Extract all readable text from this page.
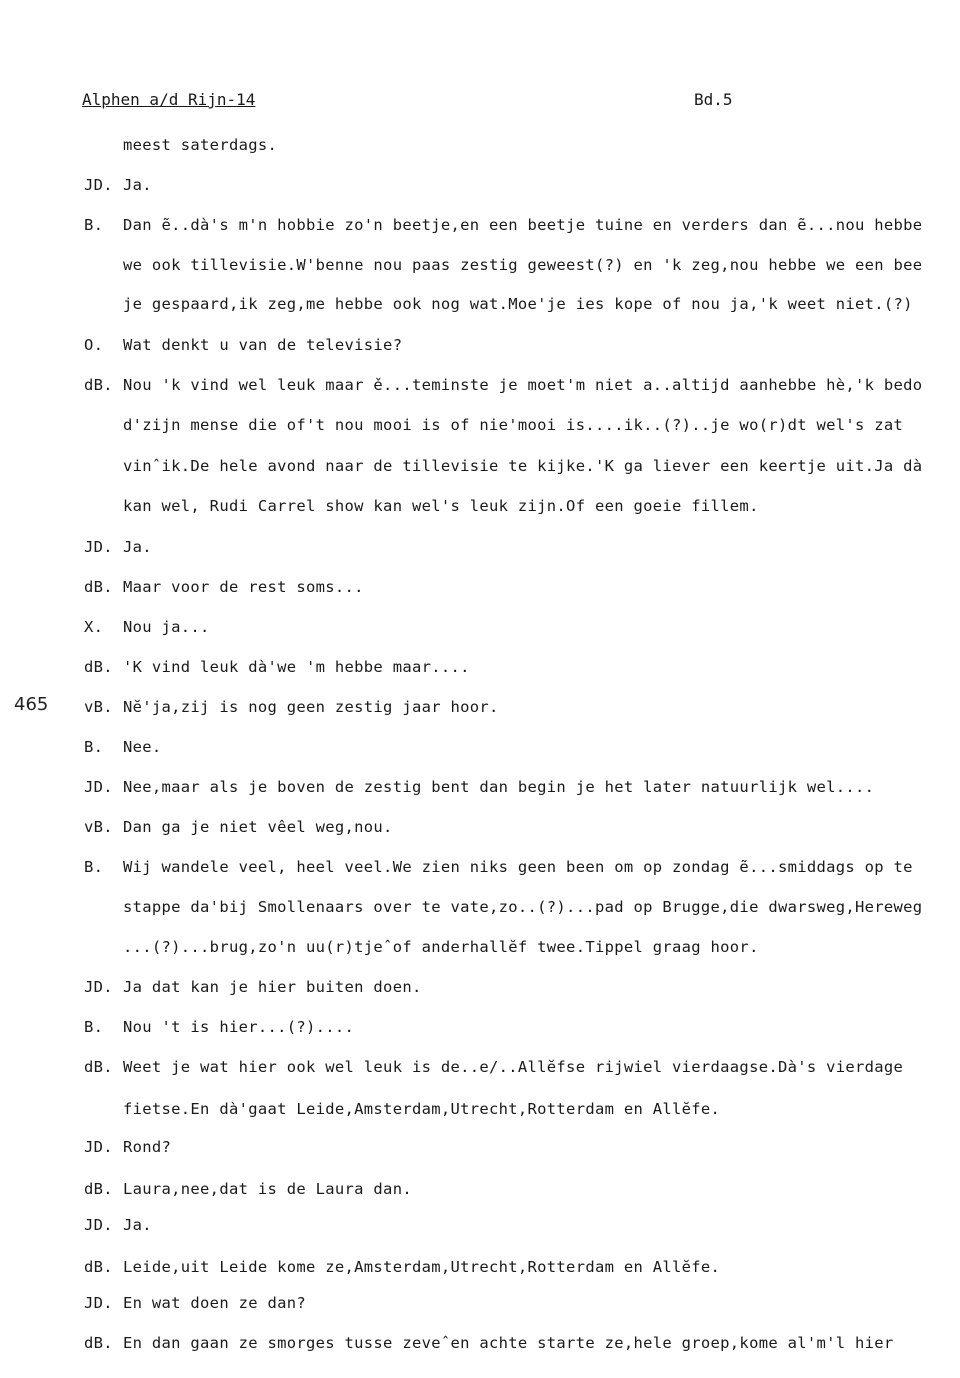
Alphen a/d Rijn-14	Bd.5
465
meest saterdags.
JD. Ja.
B. Dan ẽ..dà's m'n hobbie zo'n beetje,en een beetje tuine en verders dan ẽ...nou hebbe
we ook tillevisie.W'benne nou paas zestig geweest(?) en 'k zeg,nou hebbe we een bee
je gespaard,ik zeg,me hebbe ook nog wat.Moe'je ies kope of nou ja,'k weet niet.(?)
O. Wat denkt u van de televisie?
dB. Nou 'k vind wel leuk maar ě...teminste je moet'm niet a..altijd aanhebbe hè,'k bedo
d'zijn mense die of't nou mooi is of nie'mooi is....ik..(?)..je wo(r)dt wel's zat
vinˆik.De hele avond naar de tillevisie te kijke.'K ga liever een keertje uit.Ja dà
kan wel, Rudi Carrel show kan wel's leuk zijn.Of een goeie fillem.
JD. Ja.
dB. Maar voor de rest soms...
X. Nou ja...
dB. 'K vind leuk dà'we 'm hebbe maar....
vB. Nĕ'ja,zij is nog geen zestig jaar hoor.
B. Nee.
JD. Nee,maar als je boven de zestig bent dan begin je het later natuurlijk wel....
vB. Dan ga je niet vêel weg,nou.
B. Wij wandele veel, heel veel.We zien niks geen been om op zondag ẽ...smiddags op te
stappe da'bij Smollenaars over te vate,zo..(?)...pad op Brugge,die dwarsweg,Hereweg
...(?)...brug,zo'n uu(r)tjeˆof anderhallĕf twee.Tippel graag hoor.
JD. Ja dat kan je hier buiten doen.
B. Nou 't is hier...(?)....
dB. Weet je wat hier ook wel leuk is de..e/..Allĕfse rijwiel vierdaagse.Dà's vierdage
fietse.En dà'gaat Leide,Amsterdam,Utrecht,Rotterdam en Allĕfe.
JD. Rond?
dB. Laura,nee,dat is de Laura dan.
JD. Ja.
dB. Leide,uit Leide kome ze,Amsterdam,Utrecht,Rotterdam en Allĕfe.
JD. En wat doen ze dan?
dB. En dan gaan ze smorges tusse zeveˆen achte starte ze,hele groep,kome al'm'l hier
